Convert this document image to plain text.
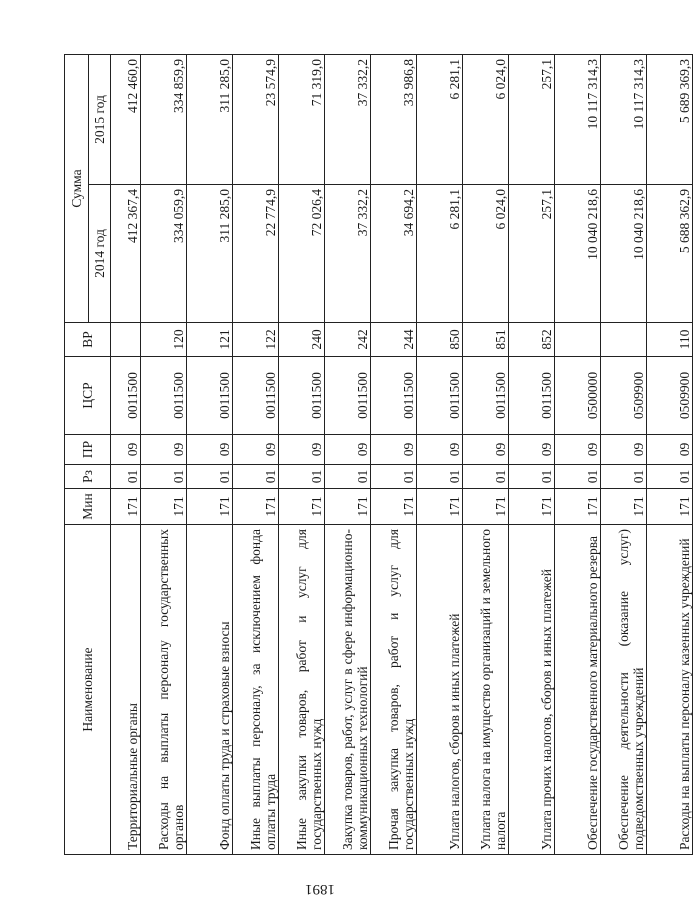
1891
Наименование	Мин	Рз	ПР	ЦСР	ВР	Сумма	
						2014 год	2015 год
Территориальные органы	171	01	09	0011500		412 367,4	412 460,0
Расходы на выплаты персоналу государственных органов	171	01	09	0011500	120	334 059,9	334 859,9
Фонд оплаты труда и страховые взносы	171	01	09	0011500	121	311 285,0	311 285,0
Иные выплаты персоналу, за исключением фонда оплаты труда	171	01	09	0011500	122	22 774,9	23 574,9
Иные закупки товаров, работ и услуг для государственных нужд	171	01	09	0011500	240	72 026,4	71 319,0
Закупка товаров, работ, услуг в сфере информационно-коммуникационных технологий	171	01	09	0011500	242	37 332,2	37 332,2
Прочая закупка товаров, работ и услуг для государственных нужд	171	01	09	0011500	244	34 694,2	33 986,8
Уплата налогов, сборов и иных платежей	171	01	09	0011500	850	6 281,1	6 281,1
Уплата налога на имущество организаций и земельного налога	171	01	09	0011500	851	6 024,0	6 024,0
Уплата прочих налогов, сборов и иных платежей	171	01	09	0011500	852	257,1	257,1
Обеспечение государственного материального резерва	171	01	09	0500000		10 040 218,6	10 117 314,3
Обеспечение деятельности (оказание услуг) подведомственных учреждений	171	01	09	0509900		10 040 218,6	10 117 314,3
Расходы на выплаты персоналу казенных учреждений	171	01	09	0509900	110	5 688 362,9	5 689 369,3
